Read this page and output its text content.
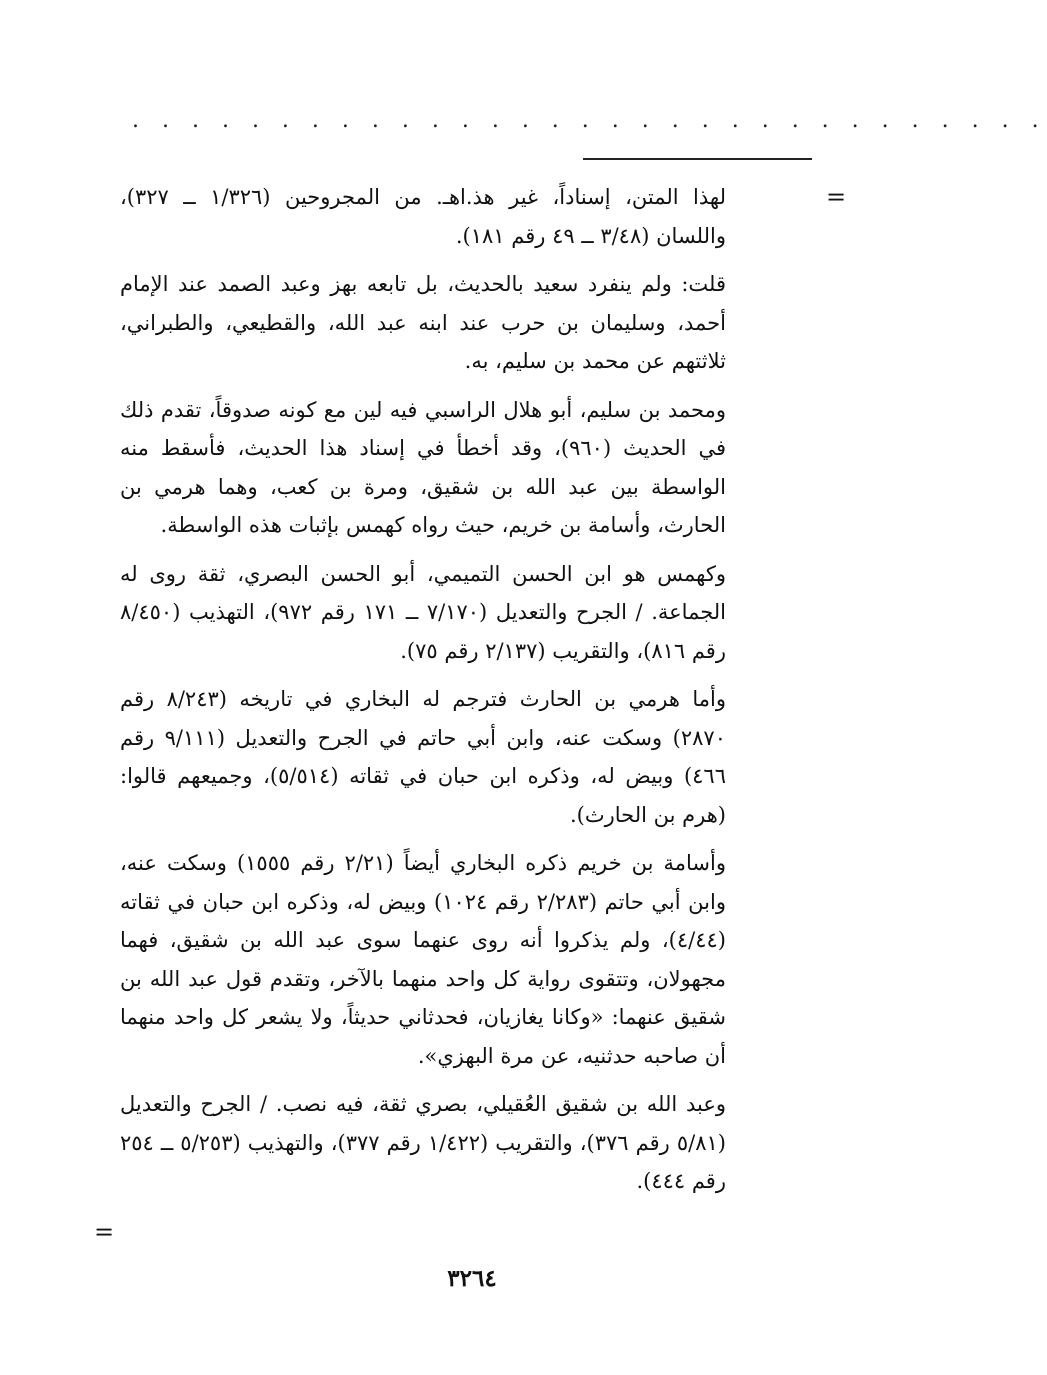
. . . . . . . . . . . . . . . . . . . . . . . . . . . . . . .
=

لهذا المتن، إسناداً، غير هذ.اهـ. من المجروحين (١/٣٢٦ ــ ٣٢٧)، واللسان (٣/٤٨ ــ ٤٩ رقم ١٨١).

قلت: ولم ينفرد سعيد بالحديث، بل تابعه بهز وعبد الصمد عند الإمام أحمد، وسليمان بن حرب عند ابنه عبد الله، والقطيعي، والطبراني، ثلاثتهم عن محمد بن سليم، به.

ومحمد بن سليم، أبو هلال الراسبي فيه لين مع كونه صدوقاً، تقدم ذلك في الحديث (٩٦٠)، وقد أخطأ في إسناد هذا الحديث، فأسقط منه الواسطة بين عبد الله بن شقيق، ومرة بن كعب، وهما هرمي بن الحارث، وأسامة بن خريم، حيث رواه كهمس بإثبات هذه الواسطة.

وكهمس هو ابن الحسن التميمي، أبو الحسن البصري، ثقة روى له الجماعة. / الجرح والتعديل (٧/١٧٠ ــ ١٧١ رقم ٩٧٢)، التهذيب (٨/٤٥٠ رقم ٨١٦)، والتقريب (٢/١٣٧ رقم ٧٥).

وأما هرمي بن الحارث فترجم له البخاري في تاريخه (٨/٢٤٣ رقم ٢٨٧٠) وسكت عنه، وابن أبي حاتم في الجرح والتعديل (٩/١١١ رقم ٤٦٦) وبيض له، وذكره ابن حبان في ثقاته (٥/٥١٤)، وجميعهم قالوا: (هرم بن الحارث).

وأسامة بن خريم ذكره البخاري أيضاً (٢/٢١ رقم ١٥٥٥) وسكت عنه، وابن أبي حاتم (٢/٢٨٣ رقم ١٠٢٤) وبيض له، وذكره ابن حبان في ثقاته (٤/٤٤)، ولم يذكروا أنه روى عنهما سوى عبد الله بن شقيق، فهما مجهولان، وتتقوى رواية كل واحد منهما بالآخر، وتقدم قول عبد الله بن شقيق عنهما: «وكانا يغازيان، فحدثاني حديثاً، ولا يشعر كل واحد منهما أن صاحبه حدثنيه، عن مرة البهزي».

وعبد الله بن شقيق العُقيلي، بصري ثقة، فيه نصب. / الجرح والتعديل (٥/٨١ رقم ٣٧٦)، والتقريب (١/٤٢٢ رقم ٣٧٧)، والتهذيب (٥/٢٥٣ ــ ٢٥٤ رقم ٤٤٤).

=
٣٢٦٤
